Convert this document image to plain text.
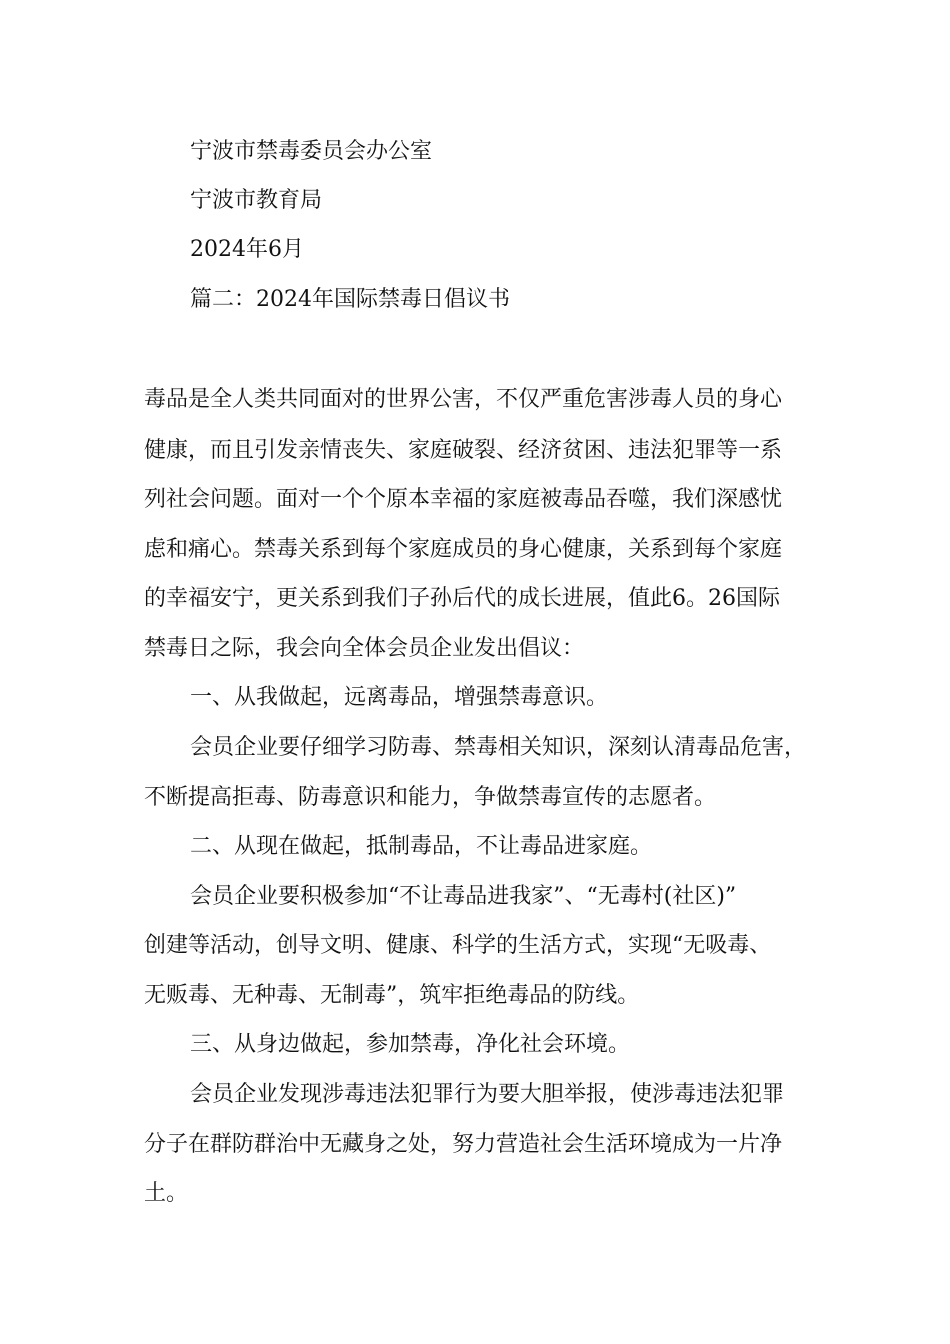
宁波市禁毒委员会办公室
宁波市教育局
2024年6月
篇二：2024年国际禁毒日倡议书
毒品是全人类共同面对的世界公害，不仅严重危害涉毒人员的身心
健康，而且引发亲情丧失、家庭破裂、经济贫困、违法犯罪等一系
列社会问题。面对一个个原本幸福的家庭被毒品吞噬，我们深感忧
虑和痛心。禁毒关系到每个家庭成员的身心健康，关系到每个家庭
的幸福安宁，更关系到我们子孙后代的成长进展，值此6。26国际
禁毒日之际，我会向全体会员企业发出倡议：
一、从我做起，远离毒品，增强禁毒意识。
会员企业要仔细学习防毒、禁毒相关知识，深刻认清毒品危害，
不断提高拒毒、防毒意识和能力，争做禁毒宣传的志愿者。
二、从现在做起，抵制毒品，不让毒品进家庭。
会员企业要积极参加“不让毒品进我家”、“无毒村(社区)”
创建等活动，创导文明、健康、科学的生活方式，实现“无吸毒、
无贩毒、无种毒、无制毒”，筑牢拒绝毒品的防线。
三、从身边做起，参加禁毒，净化社会环境。
会员企业发现涉毒违法犯罪行为要大胆举报，使涉毒违法犯罪
分子在群防群治中无藏身之处，努力营造社会生活环境成为一片净
土。
